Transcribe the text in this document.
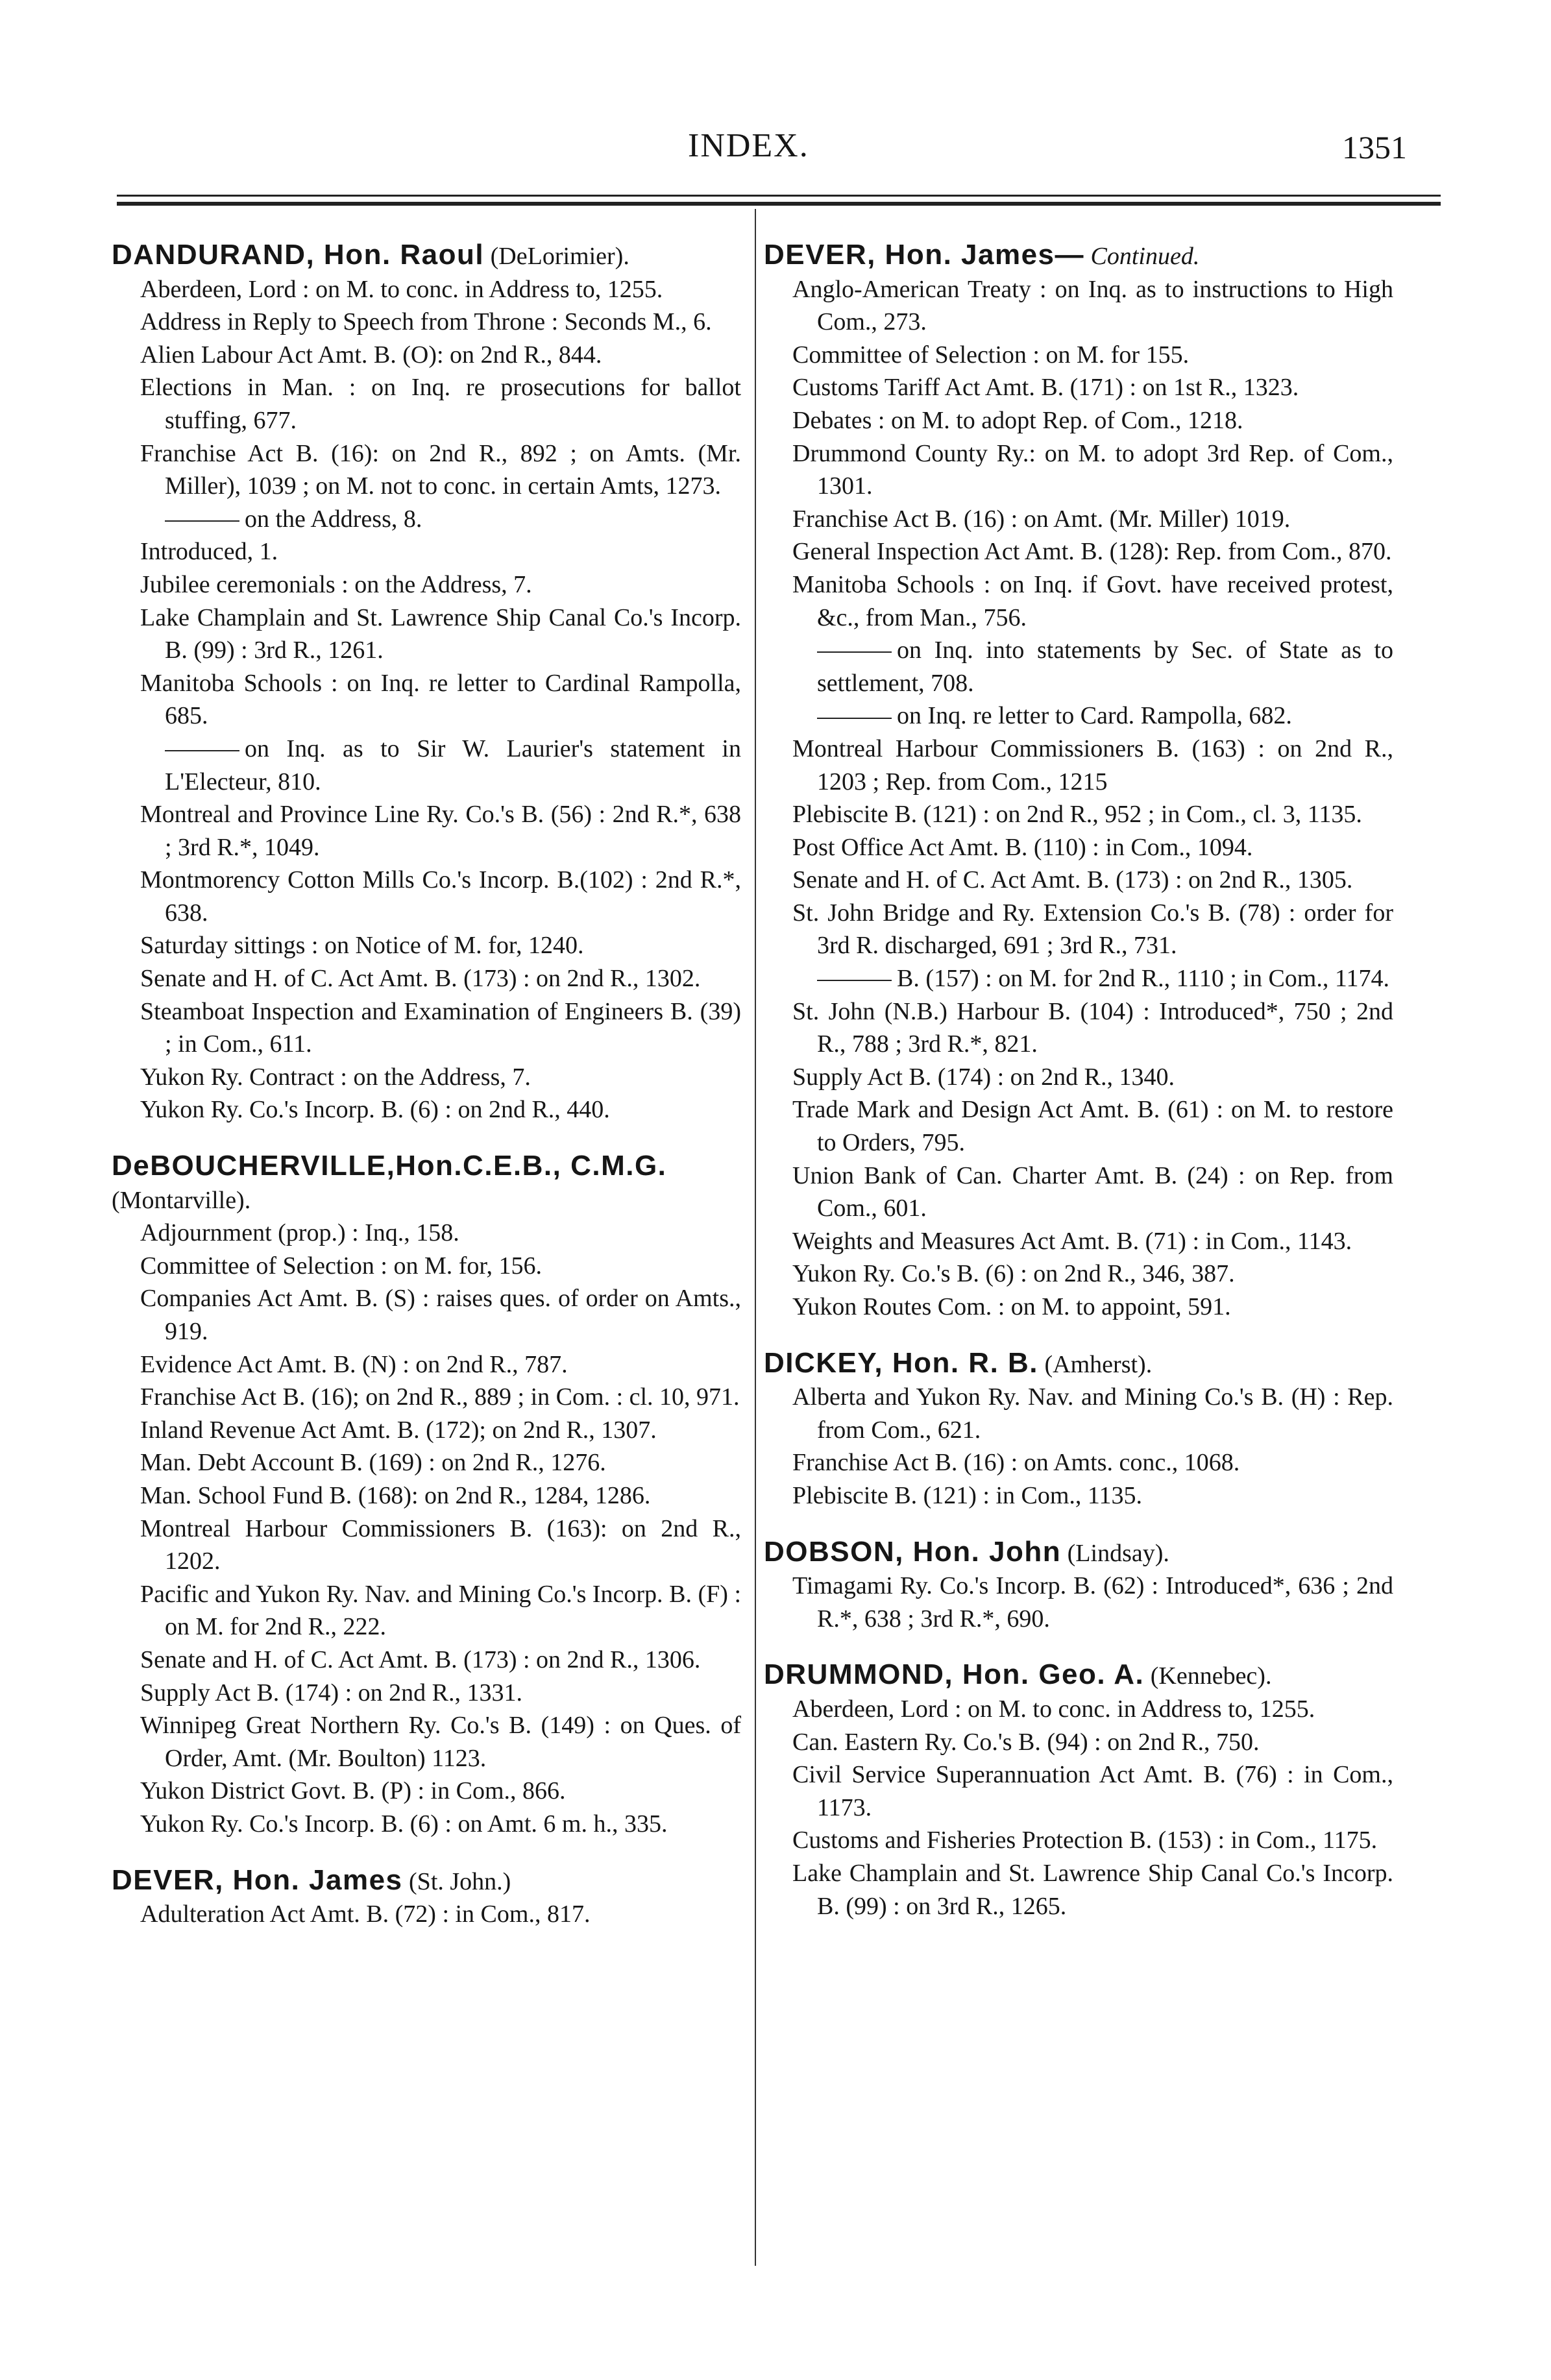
INDEX.	1351

DANDURAND, Hon. Raoul (DeLorimier).

Aberdeen, Lord : on M. to conc. in Address to, 1255.

Address in Reply to Speech from Throne : Seconds M., 6.

Alien Labour Act Amt. B. (O): on 2nd R., 844.

Elections in Man. : on Inq. re prosecutions for ballot stuffing, 677.

Franchise Act B. (16): on 2nd R., 892 ; on Amts. (Mr. Miller), 1039 ; on M. not to conc. in certain Amts, 1273.

on the Address, 8.

Introduced, 1.

Jubilee ceremonials : on the Address, 7.

Lake Champlain and St. Lawrence Ship Canal Co.'s Incorp. B. (99) : 3rd R., 1261.

Manitoba Schools : on Inq. re letter to Cardinal Rampolla, 685.

on Inq. as to Sir W. Laurier's statement in L'Electeur, 810.

Montreal and Province Line Ry. Co.'s B. (56) : 2nd R.*, 638 ; 3rd R.*, 1049.

Montmorency Cotton Mills Co.'s Incorp. B.(102) : 2nd R.*, 638.

Saturday sittings : on Notice of M. for, 1240.

Senate and H. of C. Act Amt. B. (173) : on 2nd R., 1302.

Steamboat Inspection and Examination of Engineers B. (39) ; in Com., 611.

Yukon Ry. Contract : on the Address, 7.

Yukon Ry. Co.'s Incorp. B. (6) : on 2nd R., 440.

DeBOUCHERVILLE,Hon.C.E.B., C.M.G. (Montarville).

Adjournment (prop.) : Inq., 158.

Committee of Selection : on M. for, 156.

Companies Act Amt. B. (S) : raises ques. of order on Amts., 919.

Evidence Act Amt. B. (N) : on 2nd R., 787.

Franchise Act B. (16); on 2nd R., 889 ; in Com. : cl. 10, 971.

Inland Revenue Act Amt. B. (172); on 2nd R., 1307.

Man. Debt Account B. (169) : on 2nd R., 1276.

Man. School Fund B. (168): on 2nd R., 1284, 1286.

Montreal Harbour Commissioners B. (163): on 2nd R., 1202.

Pacific and Yukon Ry. Nav. and Mining Co.'s Incorp. B. (F) : on M. for 2nd R., 222.

Senate and H. of C. Act Amt. B. (173) : on 2nd R., 1306.

Supply Act B. (174) : on 2nd R., 1331.

Winnipeg Great Northern Ry. Co.'s B. (149) : on Ques. of Order, Amt. (Mr. Boulton) 1123.

Yukon District Govt. B. (P) : in Com., 866.

Yukon Ry. Co.'s Incorp. B. (6) : on Amt. 6 m. h., 335.

DEVER, Hon. James (St. John.)

Adulteration Act Amt. B. (72) : in Com., 817.

DEVER, Hon. James— Continued.

Anglo-American Treaty : on Inq. as to instructions to High Com., 273.

Committee of Selection : on M. for 155.

Customs Tariff Act Amt. B. (171) : on 1st R., 1323.

Debates : on M. to adopt Rep. of Com., 1218.

Drummond County Ry.: on M. to adopt 3rd Rep. of Com., 1301.

Franchise Act B. (16) : on Amt. (Mr. Miller) 1019.

General Inspection Act Amt. B. (128): Rep. from Com., 870.

Manitoba Schools : on Inq. if Govt. have received protest, &c., from Man., 756.

on Inq. into statements by Sec. of State as to settlement, 708.

on Inq. re letter to Card. Rampolla, 682.

Montreal Harbour Commissioners B. (163) : on 2nd R., 1203 ; Rep. from Com., 1215

Plebiscite B. (121) : on 2nd R., 952 ; in Com., cl. 3, 1135.

Post Office Act Amt. B. (110) : in Com., 1094.

Senate and H. of C. Act Amt. B. (173) : on 2nd R., 1305.

St. John Bridge and Ry. Extension Co.'s B. (78) : order for 3rd R. discharged, 691 ; 3rd R., 731.

B. (157) : on M. for 2nd R., 1110 ; in Com., 1174.

St. John (N.B.) Harbour B. (104) : Introduced*, 750 ; 2nd R., 788 ; 3rd R.*, 821.

Supply Act B. (174) : on 2nd R., 1340.

Trade Mark and Design Act Amt. B. (61) : on M. to restore to Orders, 795.

Union Bank of Can. Charter Amt. B. (24) : on Rep. from Com., 601.

Weights and Measures Act Amt. B. (71) : in Com., 1143.

Yukon Ry. Co.'s B. (6) : on 2nd R., 346, 387.

Yukon Routes Com. : on M. to appoint, 591.

DICKEY, Hon. R. B. (Amherst).

Alberta and Yukon Ry. Nav. and Mining Co.'s B. (H) : Rep. from Com., 621.

Franchise Act B. (16) : on Amts. conc., 1068.

Plebiscite B. (121) : in Com., 1135.

DOBSON, Hon. John (Lindsay).

Timagami Ry. Co.'s Incorp. B. (62) : Introduced*, 636 ; 2nd R.*, 638 ; 3rd R.*, 690.

DRUMMOND, Hon. Geo. A. (Kennebec).

Aberdeen, Lord : on M. to conc. in Address to, 1255.

Can. Eastern Ry. Co.'s B. (94) : on 2nd R., 750.

Civil Service Superannuation Act Amt. B. (76) : in Com., 1173.

Customs and Fisheries Protection B. (153) : in Com., 1175.

Lake Champlain and St. Lawrence Ship Canal Co.'s Incorp. B. (99) : on 3rd R., 1265.
